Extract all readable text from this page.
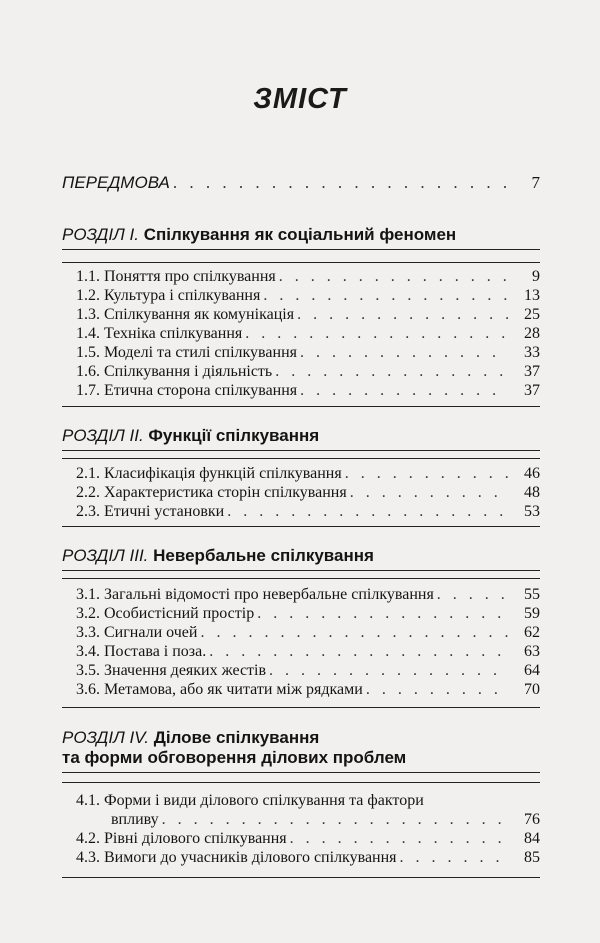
ЗМІСТ
ПЕРЕДМОВА . . .	7
РОЗДІЛ І. Спілкування як соціальний феномен
1.1. Поняття про спілкування . . .	9
1.2. Культура і спілкування . . .	13
1.3. Спілкування як комунікація . . .	25
1.4. Техніка спілкування . . .	28
1.5. Моделі та стилі спілкування . . .	33
1.6. Спілкування і діяльність . . .	37
1.7. Етична сторона спілкування . . .	37
РОЗДІЛ ІІ. Функції спілкування
2.1. Класифікація функцій спілкування . . .	46
2.2. Характеристика сторін спілкування . . .	48
2.3. Етичні установки . . .	53
РОЗДІЛ ІІІ. Невербальне спілкування
3.1. Загальні відомості про невербальне спілкування . . .	55
3.2. Особистісний простір . . .	59
3.3. Сигнали очей . . .	62
3.4. Постава і поза. . . .	63
3.5. Значення деяких жестів . . .	64
3.6. Метамова, або як читати між рядками . . .	70
РОЗДІЛ IV. Ділове спілкування
та форми обговорення ділових проблем
4.1. Форми і види ділового спілкування та фактори
впливу . . .	76
4.2. Рівні ділового спілкування . . .	84
4.3. Вимоги до учасників ділового спілкування . . .	85
